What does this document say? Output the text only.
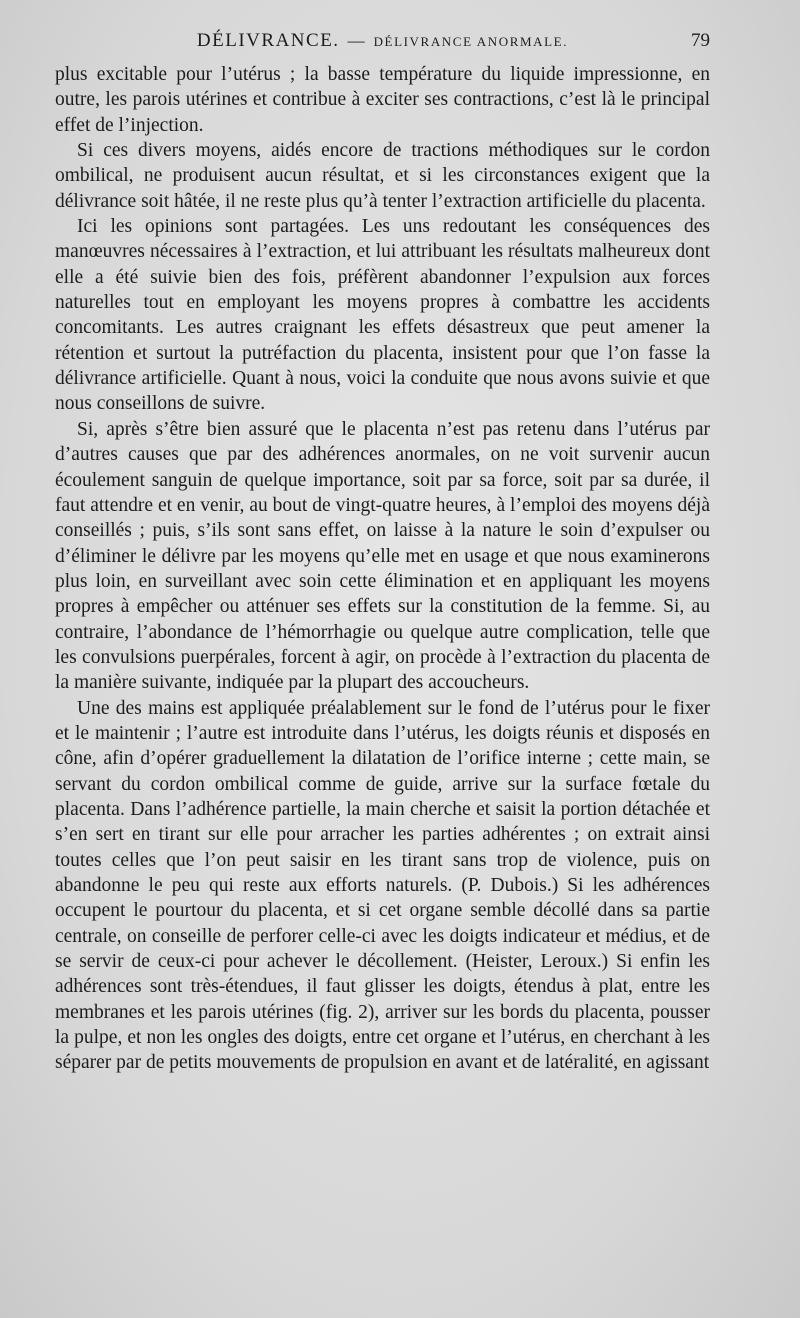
DÉLIVRANCE. — DÉLIVRANCE ANORMALE.	79

plus excitable pour l’utérus ; la basse température du liquide impressionne, en outre, les parois utérines et contribue à exciter ses contractions, c’est là le principal effet de l’injection.

Si ces divers moyens, aidés encore de tractions méthodiques sur le cordon ombilical, ne produisent aucun résultat, et si les circonstances exigent que la délivrance soit hâtée, il ne reste plus qu’à tenter l’extraction artificielle du placenta.

Ici les opinions sont partagées. Les uns redoutant les conséquences des manœuvres nécessaires à l’extraction, et lui attribuant les résultats malheureux dont elle a été suivie bien des fois, préfèrent abandonner l’expulsion aux forces naturelles tout en employant les moyens propres à combattre les accidents concomitants. Les autres craignant les effets désastreux que peut amener la rétention et surtout la putréfaction du placenta, insistent pour que l’on fasse la délivrance artificielle. Quant à nous, voici la conduite que nous avons suivie et que nous conseillons de suivre.

Si, après s’être bien assuré que le placenta n’est pas retenu dans l’utérus par d’autres causes que par des adhérences anormales, on ne voit survenir aucun écoulement sanguin de quelque importance, soit par sa force, soit par sa durée, il faut attendre et en venir, au bout de vingt-quatre heures, à l’emploi des moyens déjà conseillés ; puis, s’ils sont sans effet, on laisse à la nature le soin d’expulser ou d’éliminer le délivre par les moyens qu’elle met en usage et que nous examinerons plus loin, en surveillant avec soin cette élimination et en appliquant les moyens propres à empêcher ou atténuer ses effets sur la constitution de la femme. Si, au contraire, l’abondance de l’hémorrhagie ou quelque autre complication, telle que les convulsions puerpérales, forcent à agir, on procède à l’extraction du placenta de la manière suivante, indiquée par la plupart des accoucheurs.

Une des mains est appliquée préalablement sur le fond de l’utérus pour le fixer et le maintenir ; l’autre est introduite dans l’utérus, les doigts réunis et disposés en cône, afin d’opérer graduellement la dilatation de l’orifice interne ; cette main, se servant du cordon ombilical comme de guide, arrive sur la surface fœtale du placenta. Dans l’adhérence partielle, la main cherche et saisit la portion détachée et s’en sert en tirant sur elle pour arracher les parties adhérentes ; on extrait ainsi toutes celles que l’on peut saisir en les tirant sans trop de violence, puis on abandonne le peu qui reste aux efforts naturels. (P. Dubois.) Si les adhérences occupent le pourtour du placenta, et si cet organe semble décollé dans sa partie centrale, on conseille de perforer celle-ci avec les doigts indicateur et médius, et de se servir de ceux-ci pour achever le décollement. (Heister, Leroux.) Si enfin les adhérences sont très-étendues, il faut glisser les doigts, étendus à plat, entre les membranes et les parois utérines (fig. 2), arriver sur les bords du placenta, pousser la pulpe, et non les ongles des doigts, entre cet organe et l’utérus, en cherchant à les séparer par de petits mouvements de propulsion en avant et de latéralité, en agissant
